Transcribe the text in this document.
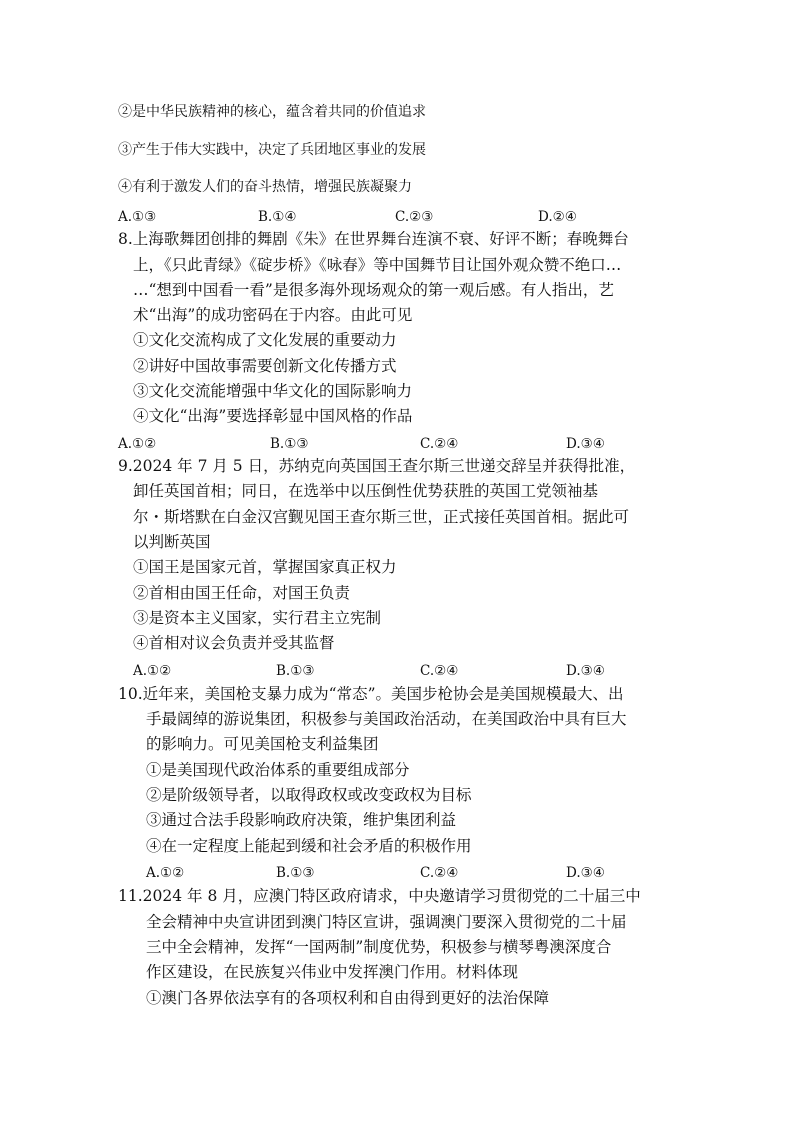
②是中华民族精神的核心，蕴含着共同的价值追求
③产生于伟大实践中，决定了兵团地区事业的发展
④有利于激发人们的奋斗热情，增强民族凝聚力
A.①③	B.①④	C.②③	D.②④
8.上海歌舞团创排的舞剧《朱》在世界舞台连演不衰、好评不断；春晚舞台
上，《只此青绿》《碇步桥》《咏春》等中国舞节目让国外观众赞不绝口…
…“想到中国看一看”是很多海外现场观众的第一观后感。有人指出，艺
术“出海”的成功密码在于内容。由此可见
①文化交流构成了文化发展的重要动力
②讲好中国故事需要创新文化传播方式
③文化交流能增强中华文化的国际影响力
④文化“出海”要选择彰显中国风格的作品
A.①②	B.①③	C.②④	D.③④
9.2024 年 7 月 5 日，苏纳克向英国国王查尔斯三世递交辞呈并获得批准，
卸任英国首相；同日，在选举中以压倒性优势获胜的英国工党领袖基
尔・斯塔默在白金汉宫觐见国王查尔斯三世，正式接任英国首相。据此可
以判断英国
①国王是国家元首，掌握国家真正权力
②首相由国王任命，对国王负责
③是资本主义国家，实行君主立宪制
④首相对议会负责并受其监督
A.①②	B.①③	C.②④	D.③④
10.近年来，美国枪支暴力成为“常态”。美国步枪协会是美国规模最大、出
手最阔绰的游说集团，积极参与美国政治活动，在美国政治中具有巨大
的影响力。可见美国枪支利益集团
①是美国现代政治体系的重要组成部分
②是阶级领导者，以取得政权或改变政权为目标
③通过合法手段影响政府决策，维护集团利益
④在一定程度上能起到缓和社会矛盾的积极作用
A.①②	B.①③	C.②④	D.③④
11.2024 年 8 月，应澳门特区政府请求，中央邀请学习贯彻党的二十届三中
全会精神中央宣讲团到澳门特区宣讲，强调澳门要深入贯彻党的二十届
三中全会精神，发挥“一国两制”制度优势，积极参与横琴粤澳深度合
作区建设，在民族复兴伟业中发挥澳门作用。材料体现
①澳门各界依法享有的各项权利和自由得到更好的法治保障
